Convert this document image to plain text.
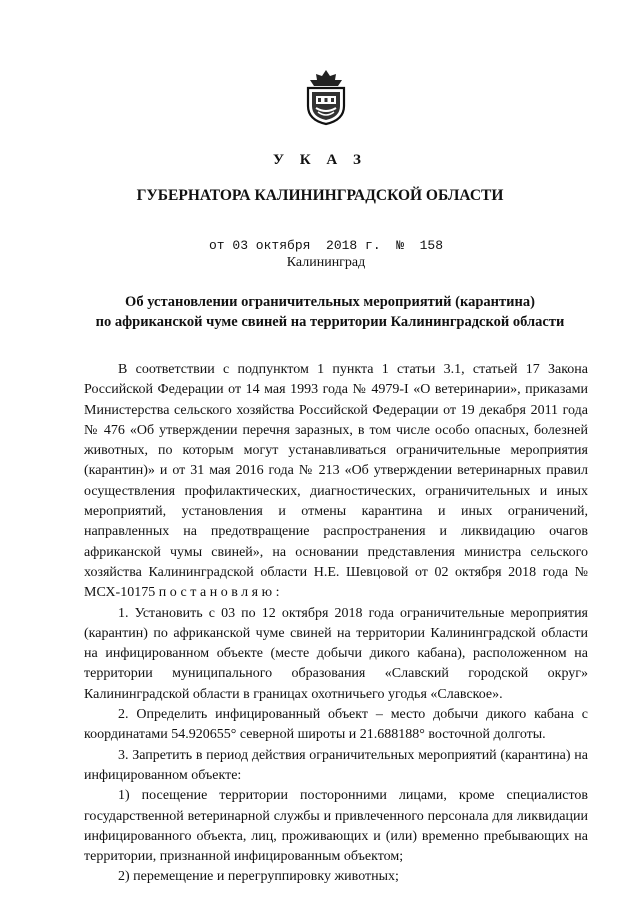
У К А З
ГУБЕРНАТОРА КАЛИНИНГРАДСКОЙ ОБЛАСТИ
от 03 октября  2018 г.  №  158
Калининград
Об установлении ограничительных мероприятий (карантина)
по африканской чуме свиней на территории Калининградской области

В соответствии с подпунктом 1 пункта 1 статьи 3.1, статьей 17 Закона Российской Федерации от 14 мая 1993 года № 4979-I «О ветеринарии», приказами Министерства сельского хозяйства Российской Федерации от 19 декабря 2011 года № 476 «Об утверждении перечня заразных, в том числе особо опасных, болезней животных, по которым могут устанавливаться ограничительные мероприятия (карантин)» и от 31 мая 2016 года № 213 «Об утверждении ветеринарных правил осуществления профилактических, диагностических, ограничительных и иных мероприятий, установления и отмены карантина и иных ограничений, направленных на предотвращение распространения и ликвидацию очагов африканской чумы свиней», на основании представления министра сельского хозяйства Калининградской области Н.Е. Шевцовой от 02 октября 2018 года № МСХ-10175 постановляю:

1. Установить с 03 по 12 октября 2018 года ограничительные мероприятия (карантин) по африканской чуме свиней на территории Калининградской области на инфицированном объекте (месте добычи дикого кабана), расположенном на территории муниципального образования «Славский городской округ» Калининградской области в границах охотничьего угодья «Славское».

2. Определить инфицированный объект – место добычи дикого кабана с координатами 54.920655° северной широты и 21.688188° восточной долготы.

3. Запретить в период действия ограничительных мероприятий (карантина) на инфицированном объекте:

1) посещение территории посторонними лицами, кроме специалистов государственной ветеринарной службы и привлеченного персонала для ликвидации инфицированного объекта, лиц, проживающих и (или) временно пребывающих на территории, признанной инфицированным объектом;

2) перемещение и перегруппировку животных;
